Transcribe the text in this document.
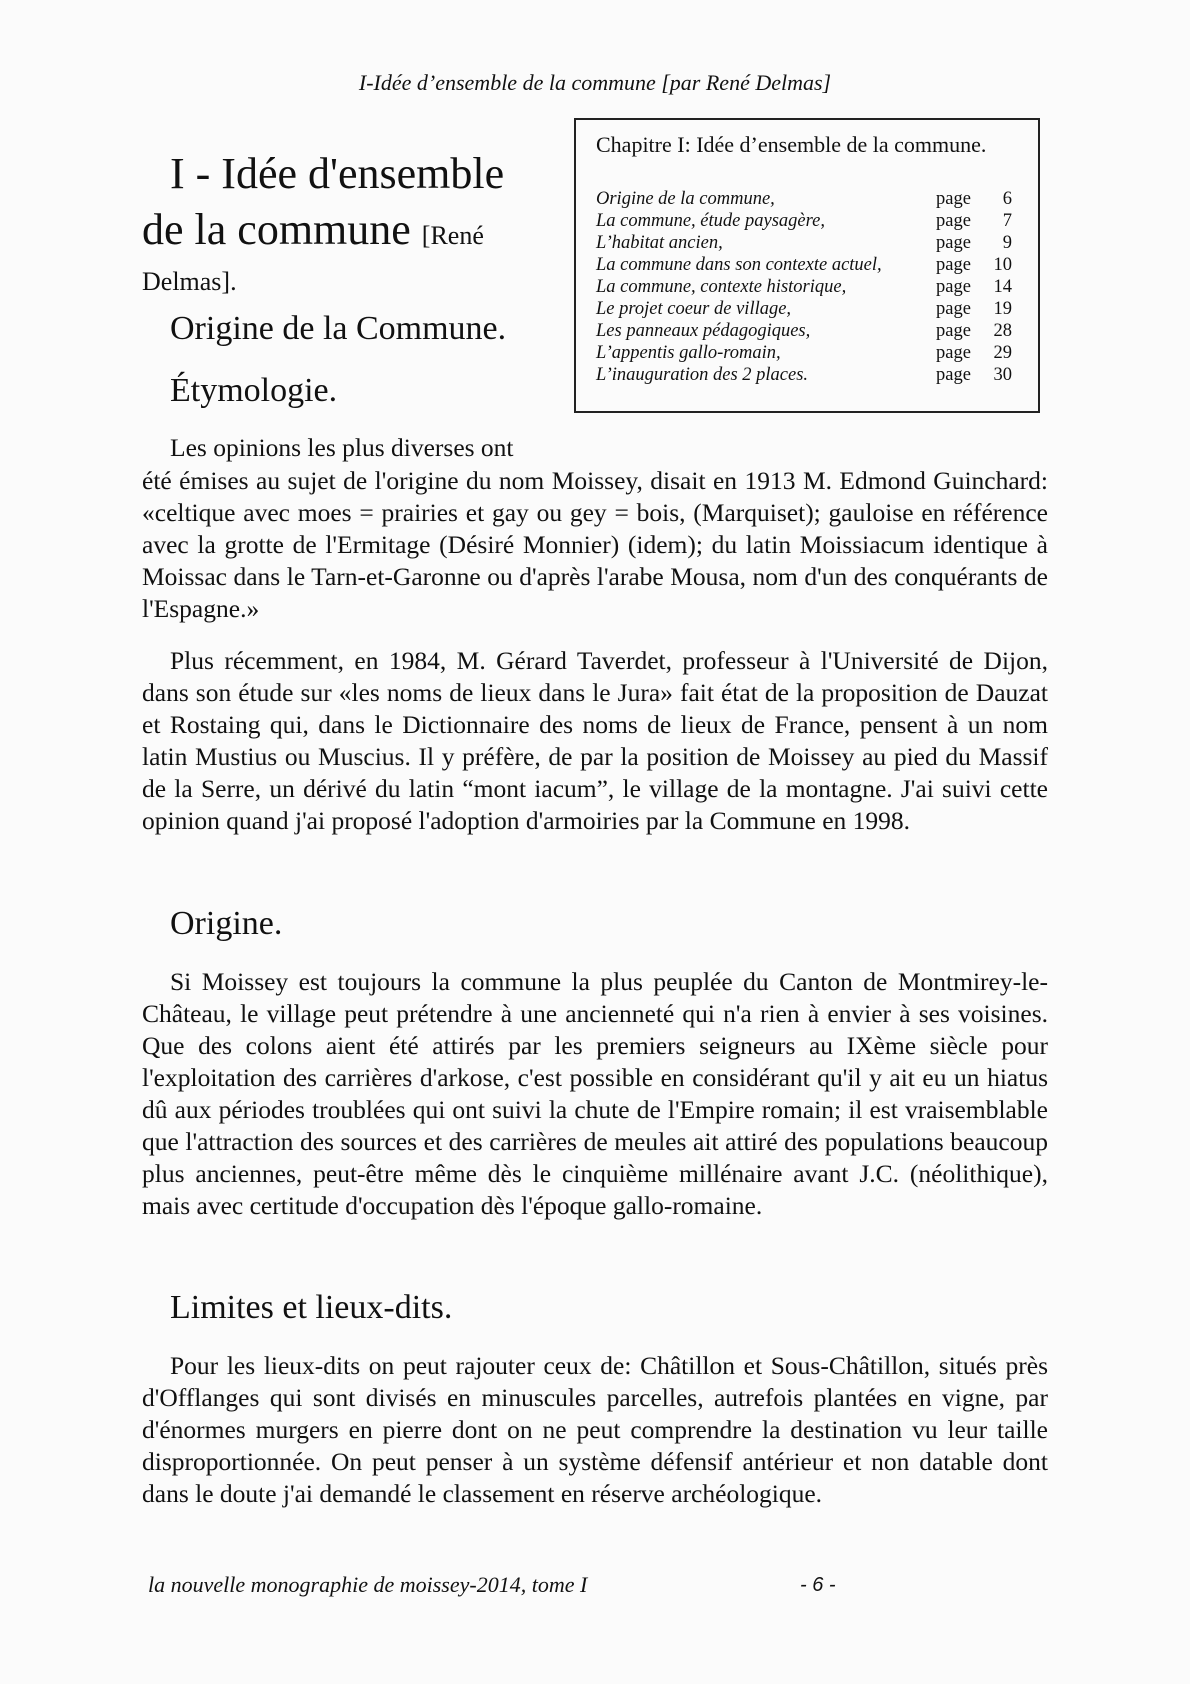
I-Idée d’ensemble de la commune [par René Delmas]
I - Idée d'ensemble
de la commune [René
Delmas].
Chapitre I: Idée d’ensemble de la commune.
Origine de la commune,	page	6
La commune, étude paysagère,	page	7
L’habitat ancien,	page	9
La commune dans son contexte actuel,	page	10
La commune, contexte historique,	page	14
Le projet coeur de village,	page	19
Les panneaux pédagogiques,	page	28
L’appentis gallo-romain,	page	29
L’inauguration des 2 places.	page	30
Origine de la Commune.
Étymologie.
Les opinions les plus diverses ont

été émises au sujet de l'origine du nom Moissey, disait en 1913 M. Edmond Guinchard: «celtique avec moes = prairies et gay ou gey = bois, (Marquiset); gauloise en référence avec la grotte de l'Ermitage (Désiré Monnier) (idem); du latin Moissiacum identique à Moissac dans le Tarn-et-Garonne ou d'après l'arabe Mousa, nom d'un des conquérants de l'Espagne.»

Plus récemment, en 1984, M. Gérard Taverdet, professeur à l'Université de Dijon, dans son étude sur «les noms de lieux dans le Jura» fait état de la proposition de Dauzat et Rostaing qui, dans le Dictionnaire des noms de lieux de France, pensent à un nom latin Mustius ou Muscius. Il y préfère, de par la position de Moissey au pied du Massif de la Serre, un dérivé du latin “mont iacum”, le village de la montagne. J'ai suivi cette opinion quand j'ai proposé l'adoption d'armoiries par la Commune en 1998.

Origine.

Si Moissey est toujours la commune la plus peuplée du Canton de Montmirey-le-Château, le village peut prétendre à une ancienneté qui n'a rien à envier à ses voisines. Que des colons aient été attirés par les premiers seigneurs au IXème siècle pour l'exploitation des carrières d'arkose, c'est possible en considérant qu'il y ait eu un hiatus dû aux périodes troublées qui ont suivi la chute de l'Empire romain; il est vraisemblable que l'attraction des sources et des carrières de meules ait attiré des populations beaucoup plus anciennes, peut-être même dès le cinquième millénaire avant J.C. (néolithique), mais avec certitude d'occupation dès l'époque gallo-romaine.

Limites et lieux-dits.

Pour les lieux-dits on peut rajouter ceux de: Châtillon et Sous-Châtillon, situés près d'Offlanges qui sont divisés en minuscules parcelles, autrefois plantées en vigne, par d'énormes murgers en pierre dont on ne peut comprendre la destination vu leur taille disproportionnée. On peut penser à un système défensif antérieur et non datable dont dans le doute j'ai demandé le classement en réserve archéologique.

la nouvelle monographie de moissey-2014, tome I	- 6 -
